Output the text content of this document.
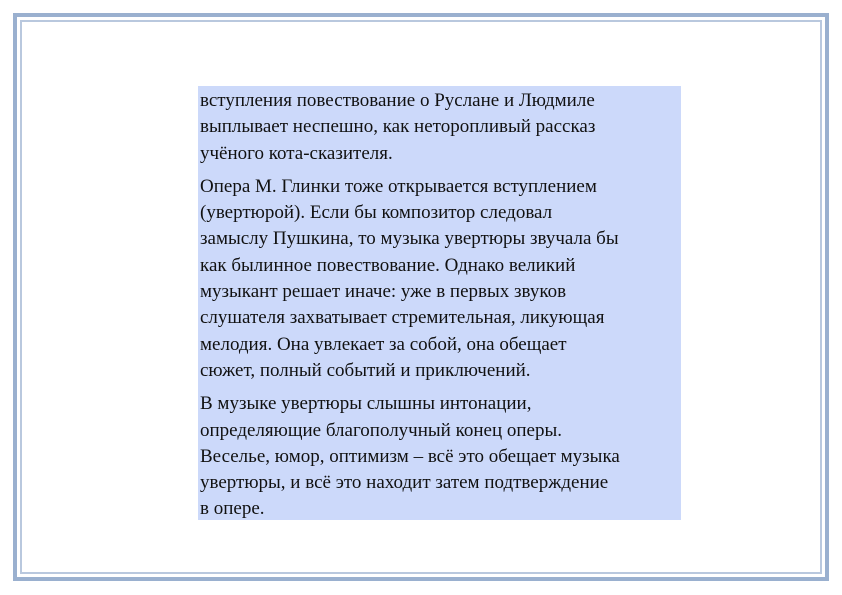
вступления повествование о Руслане и Людмиле
выплывает неспешно, как неторопливый рассказ
учёного кота-сказителя.

Опера М. Глинки тоже открывается вступлением
(увертюрой). Если бы композитор следовал
замыслу Пушкина, то музыка увертюры звучала бы
как былинное повествование. Однако великий
музыкант решает иначе: уже в первых звуков
слушателя захватывает стремительная, ликующая
мелодия. Она увлекает за собой, она обещает
сюжет, полный событий и приключений.

В музыке увертюры слышны интонации,
определяющие благополучный конец оперы.
Веселье, юмор, оптимизм – всё это обещает музыка
увертюры, и всё это находит затем подтверждение
в опере.
